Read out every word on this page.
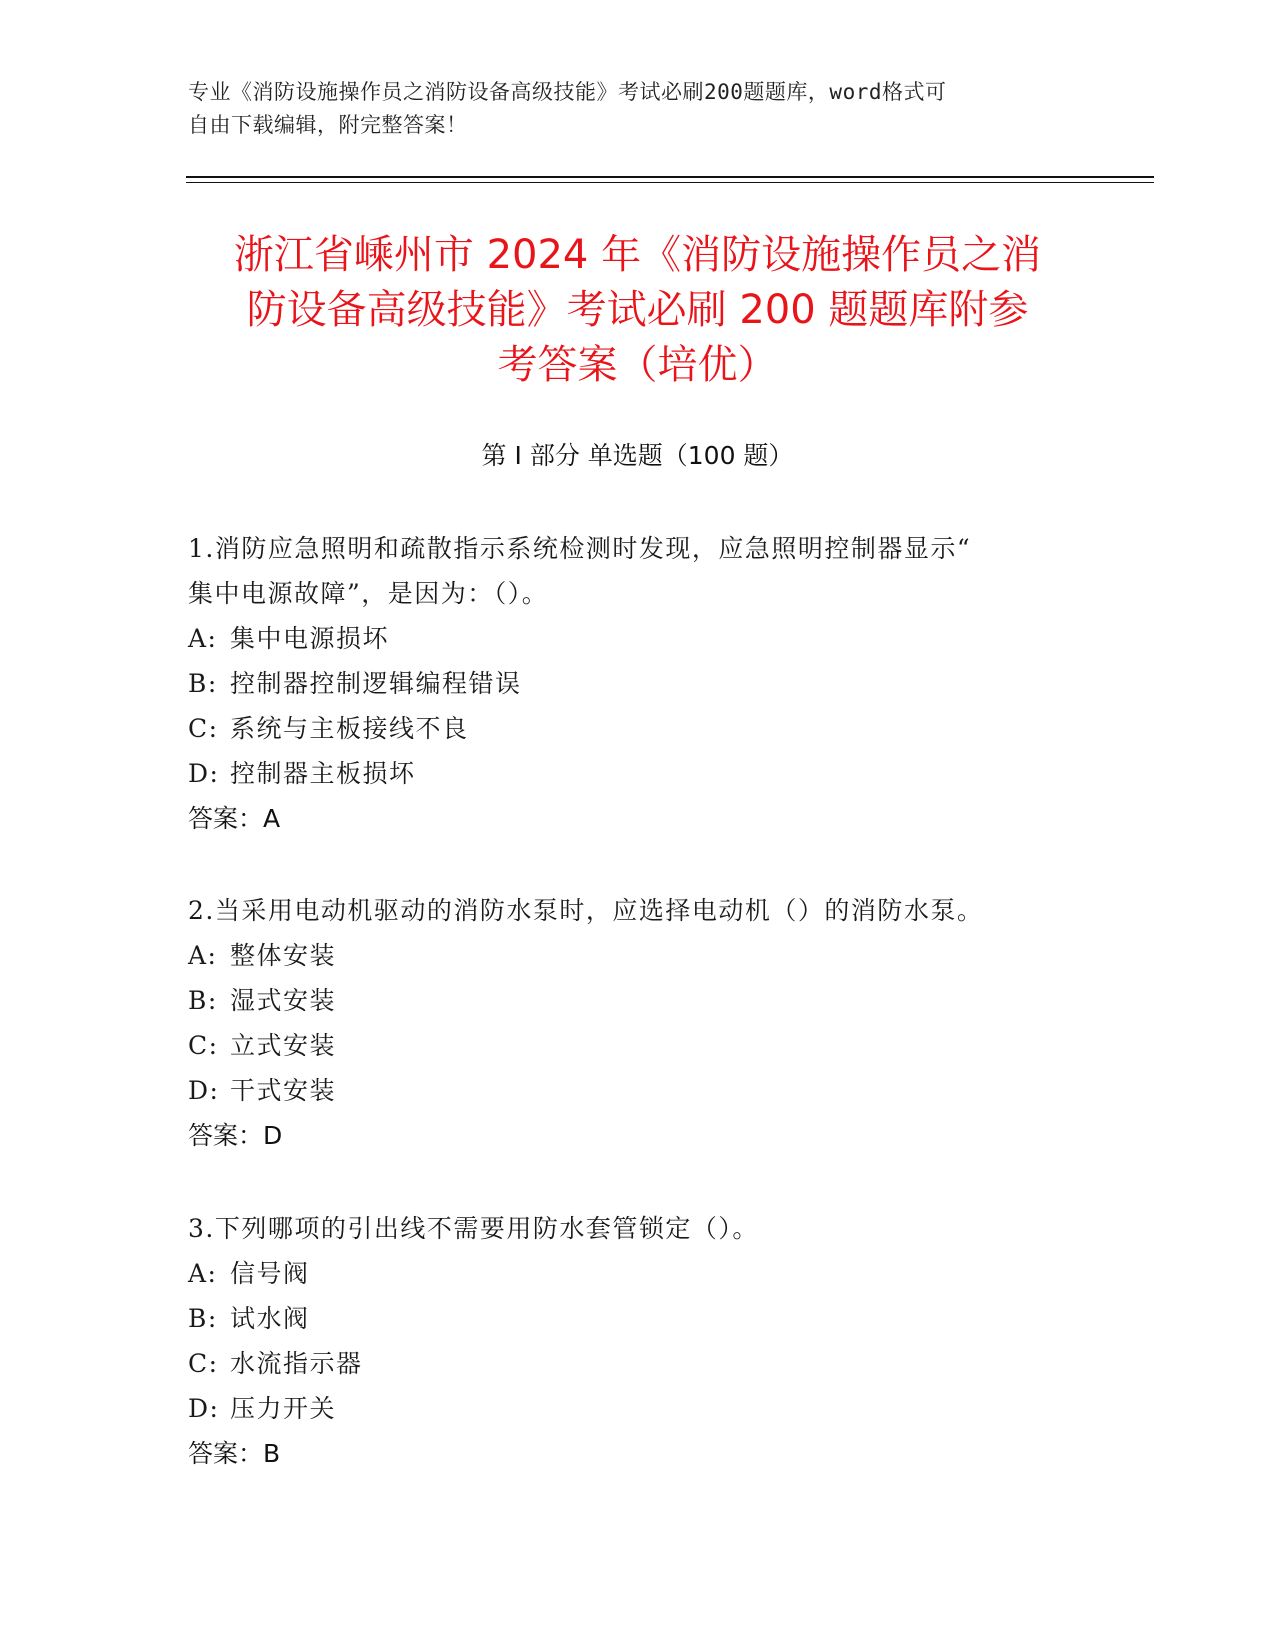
专业《消防设施操作员之消防设备高级技能》考试必刷200题题库，word格式可
自由下载编辑，附完整答案！
浙江省嵊州市 2024 年《消防设施操作员之消
防设备高级技能》考试必刷 200 题题库附参
考答案（培优）
第 I 部分 单选题（100 题）
1.消防应急照明和疏散指示系统检测时发现，应急照明控制器显示“
集中电源故障”，是因为：（）。
A: 集中电源损坏
B: 控制器控制逻辑编程错误
C: 系统与主板接线不良
D: 控制器主板损坏
答案：A
2.当采用电动机驱动的消防水泵时，应选择电动机（）的消防水泵。
A: 整体安装
B: 湿式安装
C: 立式安装
D: 干式安装
答案：D
3.下列哪项的引出线不需要用防水套管锁定（）。
A: 信号阀
B: 试水阀
C: 水流指示器
D: 压力开关
答案：B
